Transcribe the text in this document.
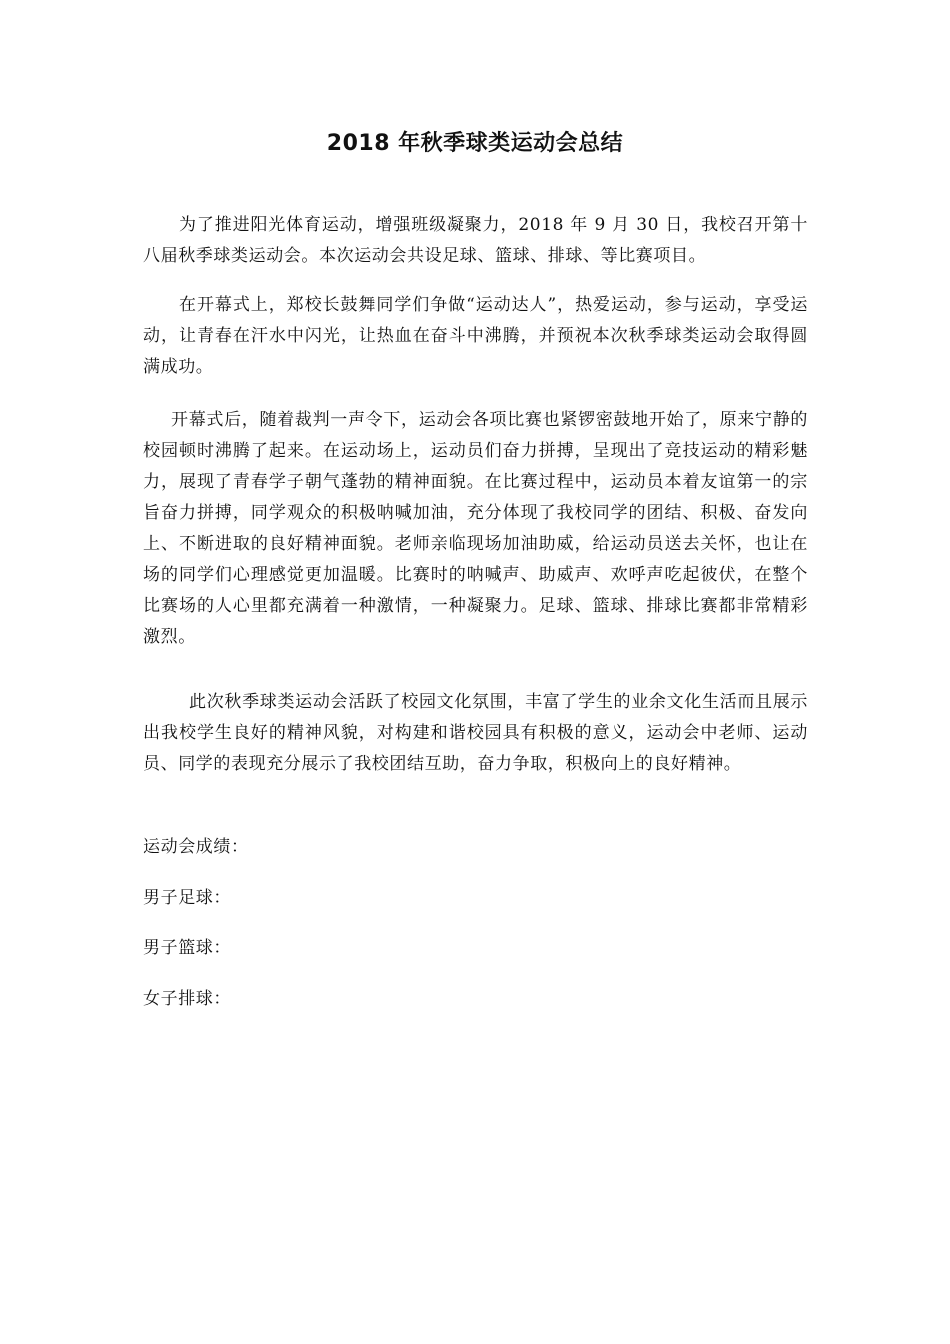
2018 年秋季球类运动会总结

为了推进阳光体育运动，增强班级凝聚力，2018 年 9 月 30 日，我校召开第十八届秋季球类运动会。本次运动会共设足球、篮球、排球、等比赛项目。

在开幕式上，郑校长鼓舞同学们争做“运动达人”，热爱运动，参与运动，享受运动，让青春在汗水中闪光，让热血在奋斗中沸腾，并预祝本次秋季球类运动会取得圆满成功。

开幕式后，随着裁判一声令下，运动会各项比赛也紧锣密鼓地开始了，原来宁静的校园顿时沸腾了起来。在运动场上，运动员们奋力拼搏，呈现出了竞技运动的精彩魅力，展现了青春学子朝气蓬勃的精神面貌。在比赛过程中，运动员本着友谊第一的宗旨奋力拼搏，同学观众的积极呐喊加油，充分体现了我校同学的团结、积极、奋发向上、不断进取的良好精神面貌。老师亲临现场加油助威，给运动员送去关怀，也让在场的同学们心理感觉更加温暖。比赛时的呐喊声、助威声、欢呼声吃起彼伏，在整个比赛场的人心里都充满着一种激情，一种凝聚力。足球、篮球、排球比赛都非常精彩激烈。

此次秋季球类运动会活跃了校园文化氛围，丰富了学生的业余文化生活而且展示出我校学生良好的精神风貌，对构建和谐校园具有积极的意义，运动会中老师、运动员、同学的表现充分展示了我校团结互助，奋力争取，积极向上的良好精神。

运动会成绩：
男子足球：
男子篮球：
女子排球：
